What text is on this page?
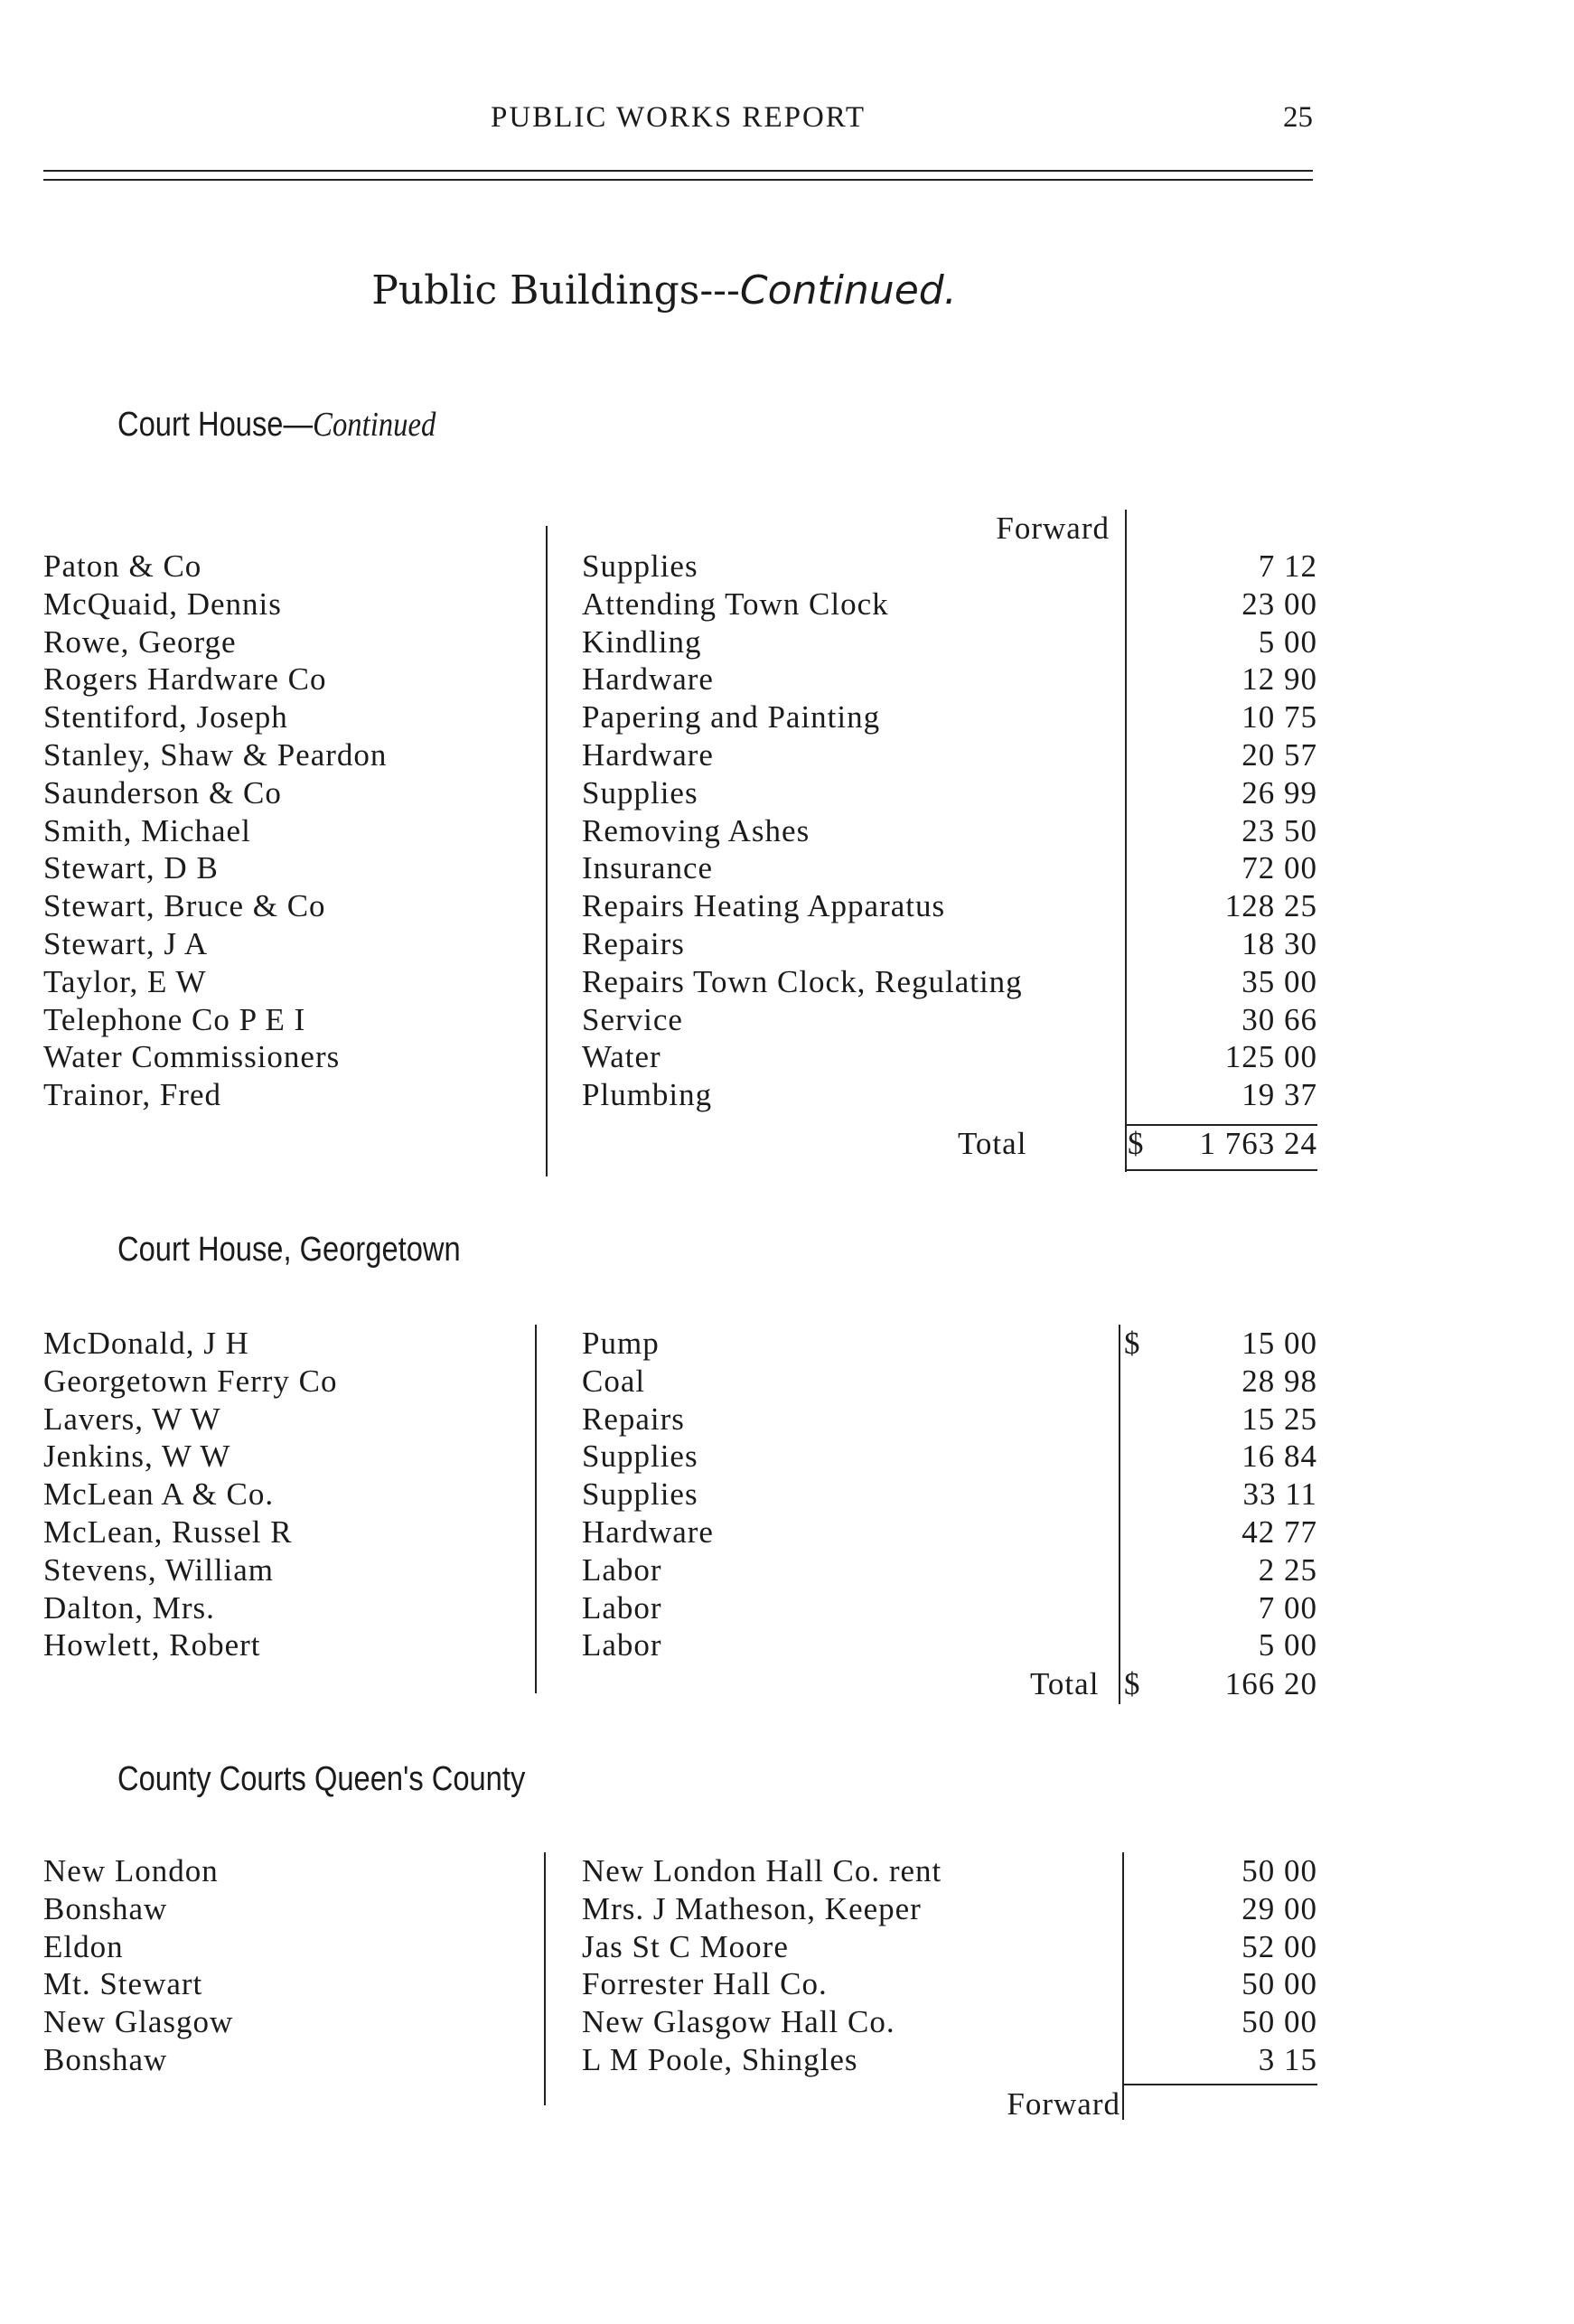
PUBLIC WORKS REPORT	25
Public Buildings---Continued.
Court House—Continued
Forward
Paton & Co	Supplies	7 12
McQuaid, Dennis	Attending Town Clock	23 00
Rowe, George	Kindling	5 00
Rogers Hardware Co	Hardware	12 90
Stentiford, Joseph	Papering and Painting	10 75
Stanley, Shaw & Peardon	Hardware	20 57
Saunderson & Co	Supplies	26 99
Smith, Michael	Removing Ashes	23 50
Stewart, D B	Insurance	72 00
Stewart, Bruce & Co	Repairs Heating Apparatus	128 25
Stewart, J A	Repairs	18 30
Taylor, E W	Repairs Town Clock, Regulating	35 00
Telephone Co P E I	Service	30 66
Water Commissioners	Water	125 00
Trainor, Fred	Plumbing	19 37
Total	$ 1 763 24
Court House, Georgetown
$
McDonald, J H	Pump	15 00
Georgetown Ferry Co	Coal	28 98
Lavers, W W	Repairs	15 25
Jenkins, W W	Supplies	16 84
McLean A & Co.	Supplies	33 11
McLean, Russel R	Hardware	42 77
Stevens, William	Labor	2 25
Dalton, Mrs.	Labor	7 00
Howlett, Robert	Labor	5 00
Total $	166 20
County Courts Queen's County
New London	New London Hall Co. rent	50 00
Bonshaw	Mrs. J Matheson, Keeper	29 00
Eldon	Jas St C Moore	52 00
Mt. Stewart	Forrester Hall Co.	50 00
New Glasgow	New Glasgow Hall Co.	50 00
Bonshaw	L M Poole, Shingles	3 15
Forward
